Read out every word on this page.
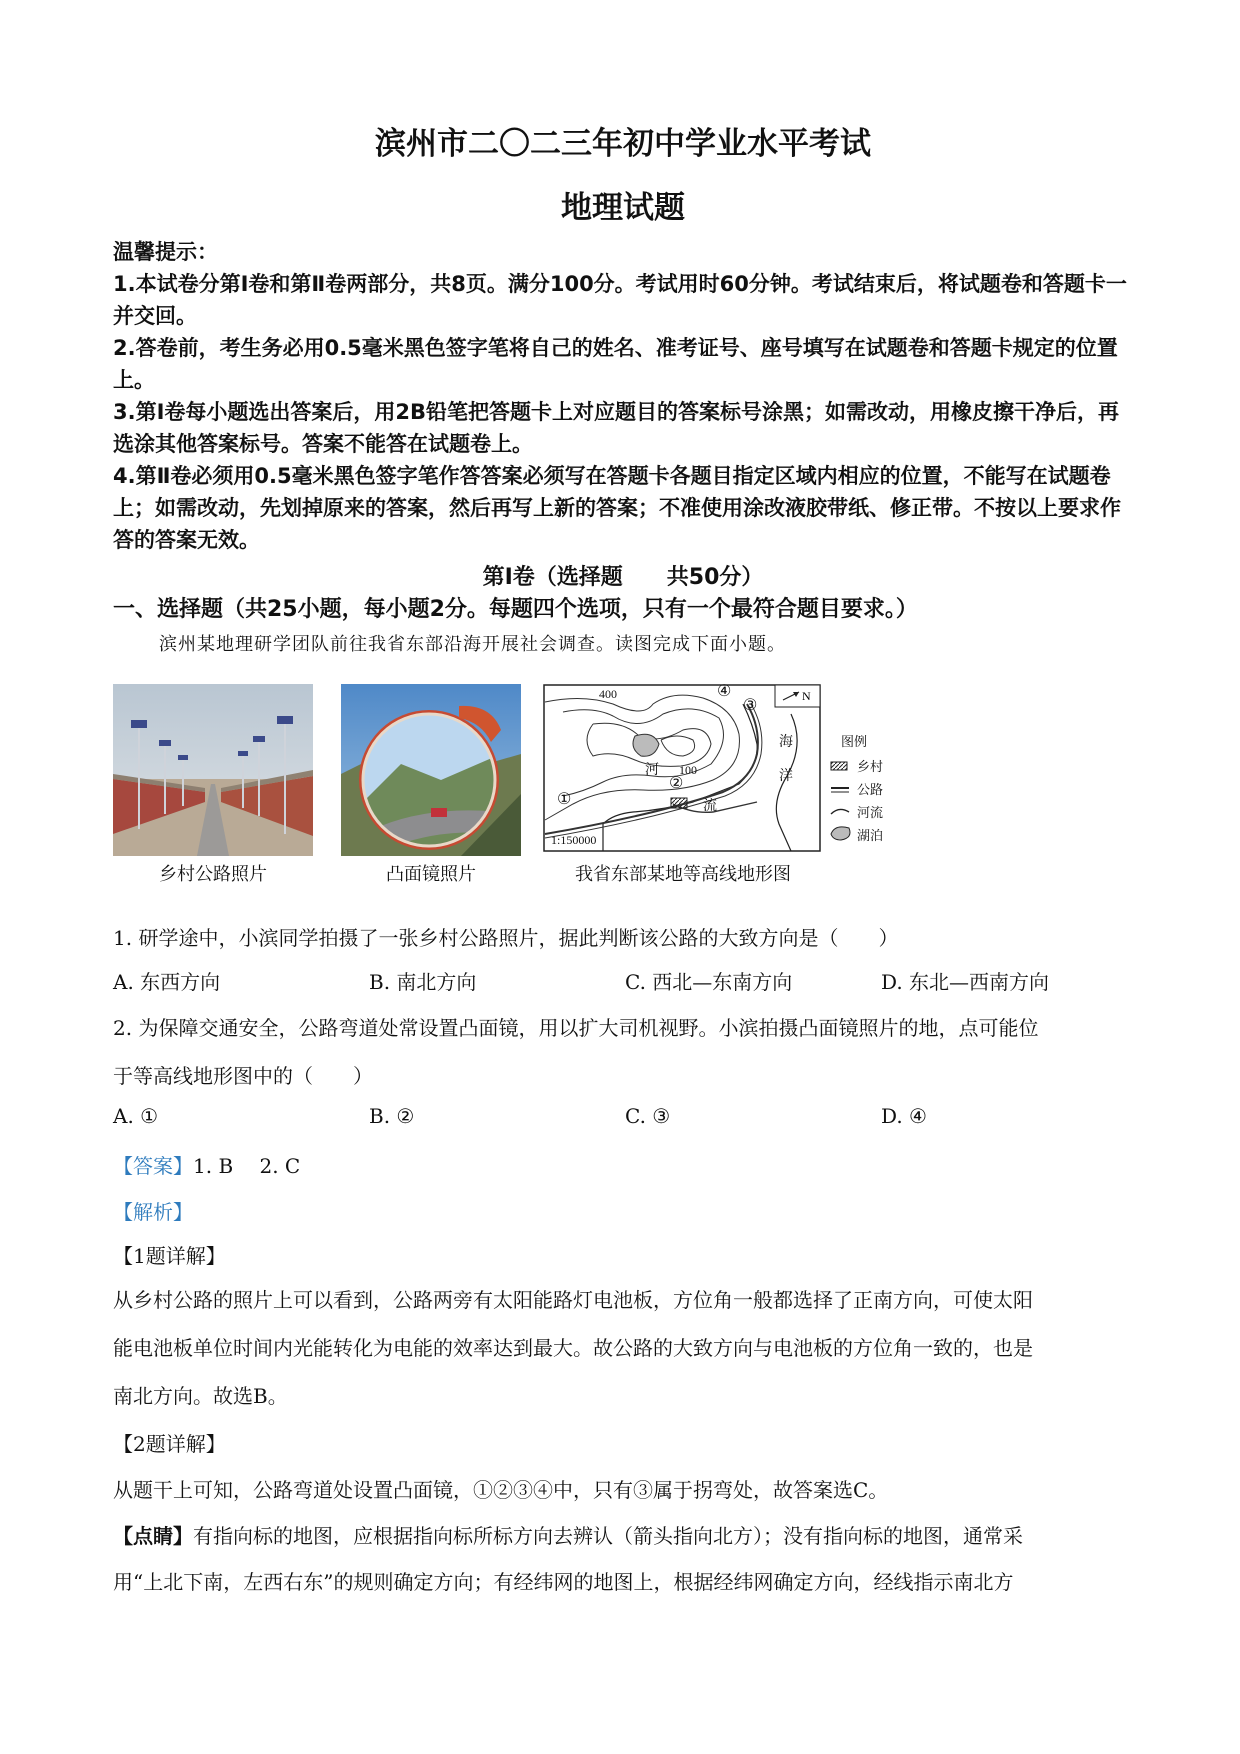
滨州市二〇二三年初中学业水平考试
地理试题

温馨提示：

1.本试卷分第Ⅰ卷和第Ⅱ卷两部分，共8页。满分100分。考试用时60分钟。考试结束后，将试题卷和答题卡一并交回。

2.答卷前，考生务必用0.5毫米黑色签字笔将自己的姓名、准考证号、座号填写在试题卷和答题卡规定的位置上。

3.第Ⅰ卷每小题选出答案后，用2B铅笔把答题卡上对应题目的答案标号涂黑；如需改动，用橡皮擦干净后，再选涂其他答案标号。答案不能答在试题卷上。

4.第Ⅱ卷必须用0.5毫米黑色签字笔作答答案必须写在答题卡各题目指定区域内相应的位置，不能写在试题卷上；如需改动，先划掉原来的答案，然后再写上新的答案；不准使用涂改液胶带纸、修正带。不按以上要求作答的答案无效。

第Ⅰ卷（选择题　　共50分）
一、选择题（共25小题，每小题2分。每题四个选项，只有一个最符合题目要求。）
滨州某地理研学团队前往我省东部沿海开展社会调查。读图完成下面小题。
乡村公路照片	凸面镜照片
N
400
100
①
②
③
④
海
洋
河
流
1:150000
图例
乡村
公路
河流
湖泊
我省东部某地等高线地形图
1. 研学途中，小滨同学拍摄了一张乡村公路照片，据此判断该公路的大致方向是（　　）
A. 东西方向	B. 南北方向	C. 西北—东南方向	D. 东北—西南方向
2. 为保障交通安全，公路弯道处常设置凸面镜，用以扩大司机视野。小滨拍摄凸面镜照片的地，点可能位
于等高线地形图中的（　　）
A. ①	B. ②	C. ③	D. ④
【答案】1. B　 2. C
【解析】
【1题详解】

从乡村公路的照片上可以看到，公路两旁有太阳能路灯电池板，方位角一般都选择了正南方向，可使太阳

能电池板单位时间内光能转化为电能的效率达到最大。故公路的大致方向与电池板的方位角一致的，也是

南北方向。故选B。

【2题详解】
从题干上可知，公路弯道处设置凸面镜，①②③④中，只有③属于拐弯处，故答案选C。
【点睛】有指向标的地图，应根据指向标所标方向去辨认（箭头指向北方）；没有指向标的地图，通常采
用“上北下南，左西右东”的规则确定方向；有经纬网的地图上，根据经纬网确定方向，经线指示南北方
